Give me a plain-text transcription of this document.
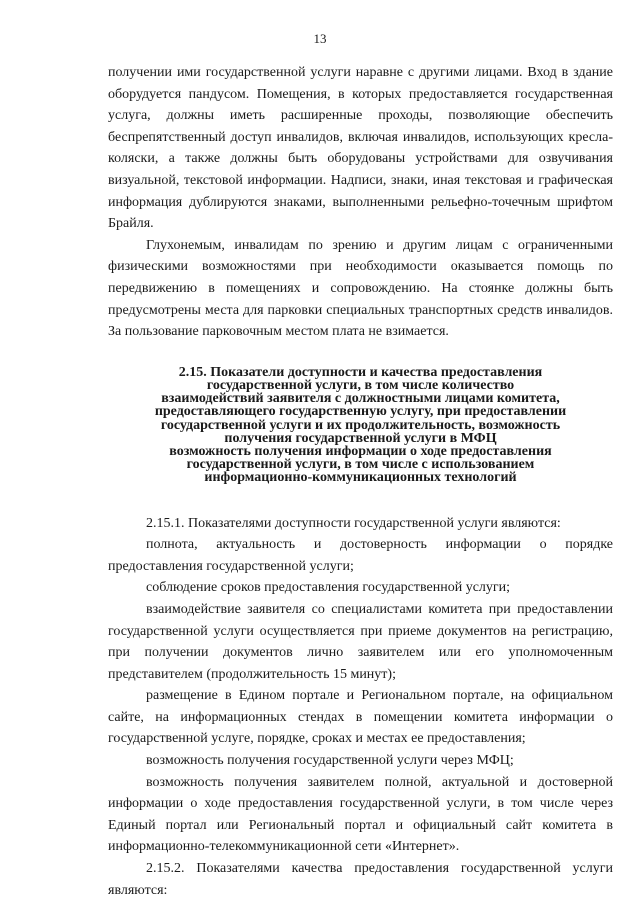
13

получении ими государственной услуги наравне с другими лицами. Вход в здание оборудуется пандусом. Помещения, в которых предоставляется государственная услуга, должны иметь расширенные проходы, позволяющие обеспечить беспрепятственный доступ инвалидов, включая инвалидов, использующих кресла-коляски, а также должны быть оборудованы устройствами для озвучивания визуальной, текстовой информации. Надписи, знаки, иная текстовая и графическая информация дублируются знаками, выполненными рельефно-точечным шрифтом Брайля.

Глухонемым, инвалидам по зрению и другим лицам с ограниченными физическими возможностями при необходимости оказывается помощь по передвижению в помещениях и сопровождению. На стоянке должны быть предусмотрены места для парковки специальных транспортных средств инвалидов. За пользование парковочным местом плата не взимается.

2.15. Показатели доступности и качества предоставления
государственной услуги, в том числе количество
взаимодействий заявителя с должностными лицами комитета,
предоставляющего государственную услугу, при предоставлении
государственной услуги и их продолжительность, возможность
получения государственной услуги в МФЦ
возможность получения информации о ходе предоставления
государственной услуги, в том числе с использованием
информационно-коммуникационных технологий

2.15.1. Показателями доступности государственной услуги являются:

полнота, актуальность и достоверность информации о порядке предоставления государственной услуги;

соблюдение сроков предоставления государственной услуги;

взаимодействие заявителя со специалистами комитета при предоставлении государственной услуги осуществляется при приеме документов на регистрацию, при получении документов лично заявителем или его уполномоченным представителем (продолжительность 15 минут);

размещение в Едином портале и Региональном портале, на официальном сайте, на информационных стендах в помещении комитета информации о государственной услуге, порядке, сроках и местах ее предоставления;

возможность получения государственной услуги через МФЦ;

возможность получения заявителем полной, актуальной и достоверной информации о ходе предоставления государственной услуги, в том числе через Единый портал или Региональный портал и официальный сайт комитета в информационно-телекоммуникационной сети «Интернет».

2.15.2. Показателями качества предоставления государственной услуги являются:
